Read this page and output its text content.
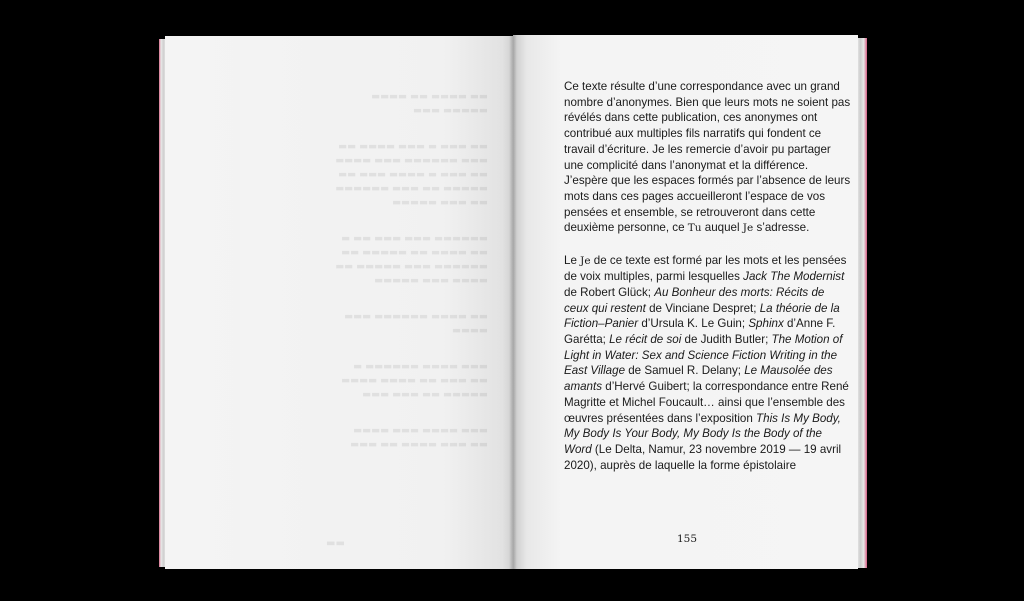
▬▬▬▬ ▬▬ ▬▬▬▬ ▬▬
▬▬▬ ▬▬▬▬▬

▬▬ ▬▬▬▬ ▬▬▬ ▬ ▬▬▬ ▬▬
▬▬▬▬ ▬▬▬ ▬▬▬▬▬▬ ▬▬▬
▬▬ ▬▬▬ ▬▬▬▬ ▬ ▬▬▬ ▬▬
▬▬▬▬▬▬ ▬▬▬ ▬▬ ▬▬▬▬▬
▬▬▬▬▬ ▬▬▬ ▬▬

▬ ▬▬ ▬▬▬ ▬▬▬ ▬▬▬▬▬▬
▬▬ ▬▬▬▬▬ ▬▬ ▬▬▬▬ ▬▬
▬▬ ▬▬▬▬▬ ▬▬▬ ▬▬▬▬▬▬
▬▬▬▬▬ ▬▬▬ ▬▬▬▬

▬▬▬ ▬▬▬▬▬▬ ▬▬▬▬ ▬▬
▬▬▬▬

▬ ▬▬▬▬▬▬ ▬▬▬▬ ▬▬▬
▬▬▬▬ ▬▬▬▬ ▬▬ ▬▬▬ ▬▬
▬▬▬ ▬▬▬ ▬▬ ▬▬▬▬▬

▬▬▬▬ ▬▬▬ ▬▬▬▬ ▬▬▬
▬▬▬ ▬▬ ▬▬▬▬ ▬▬▬ ▬▬

▬▬

Ce texte résulte d’une correspondance avec un grand nombre d’anonymes. Bien que leurs mots ne soient pas révélés dans cette publication, ces anonymes ont contribué aux multiples fils narratifs qui fondent ce travail d’écriture. Je les remercie d’avoir pu partager une complicité dans l’anonymat et la différence. J’espère que les espaces formés par l’absence de leurs mots dans ces pages accueilleront l’espace de vos pensées et ensemble, se retrouveront dans cette deuxième personne, ce Tu auquel Je s’adresse.

Le Je de ce texte est formé par les mots et les pensées de voix multiples, parmi lesquelles Jack The Modernist de Robert Glück; Au Bonheur des morts: Récits de ceux qui restent de Vinciane Despret; La théorie de la Fiction–Panier d’Ursula K. Le Guin; Sphinx d’Anne F. Garétta; Le récit de soi de Judith Butler; The Motion of Light in Water: Sex and Science Fiction Writing in the East Village de Samuel R. Delany; Le Mausolée des amants d’Hervé Guibert; la correspondance entre René Magritte et Michel Foucault… ainsi que l’ensemble des œuvres présentées dans l’exposition This Is My Body, My Body Is Your Body, My Body Is the Body of the Word (Le Delta, Namur, 23 novembre 2019 — 19 avril 2020), auprès de laquelle la forme épistolaire

155
